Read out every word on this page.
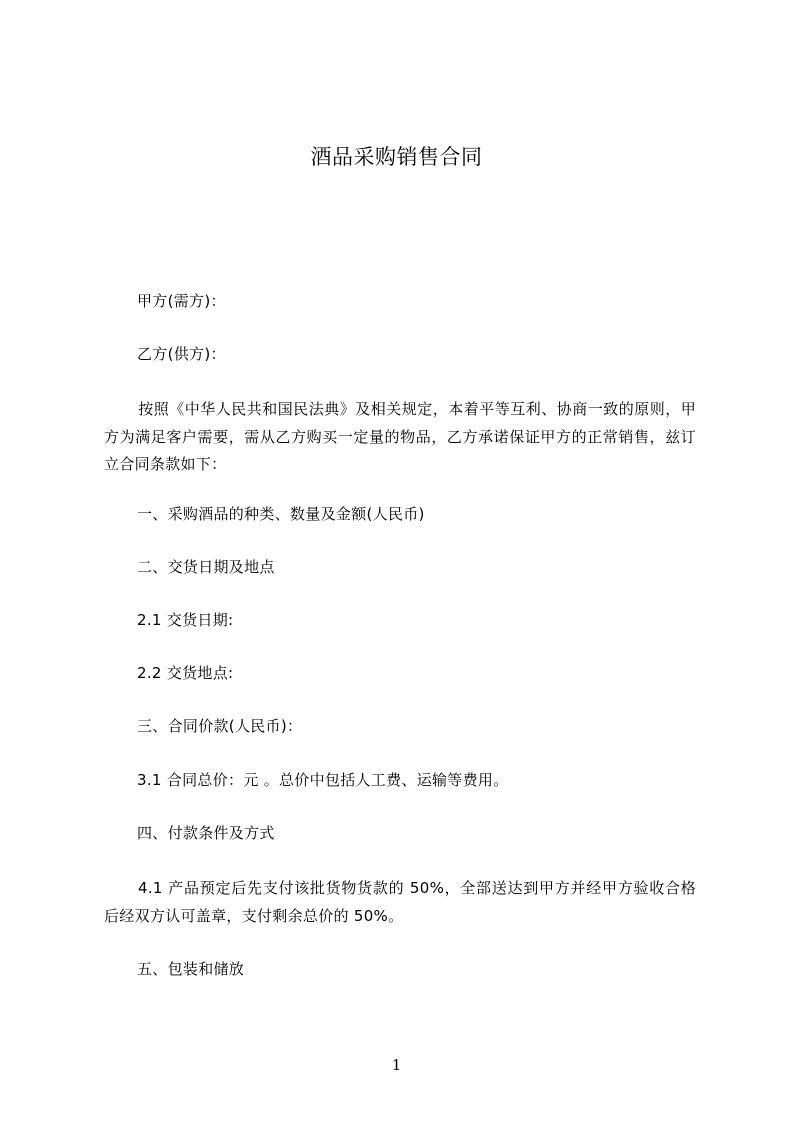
酒品采购销售合同
甲方(需方)：
乙方(供方)：
按照《中华人民共和国民法典》及相关规定，本着平等互利、协商一致的原则，甲方为满足客户需要，需从乙方购买一定量的物品，乙方承诺保证甲方的正常销售，兹订立合同条款如下：
一、采购酒品的种类、数量及金额(人民币)
二、交货日期及地点
2.1 交货日期:
2.2 交货地点:
三、合同价款(人民币)：
3.1 合同总价：元 。总价中包括人工费、运输等费用。
四、付款条件及方式
4.1 产品预定后先支付该批货物货款的 50%，全部送达到甲方并经甲方验收合格后经双方认可盖章，支付剩余总价的 50%。
五、包装和储放
1
